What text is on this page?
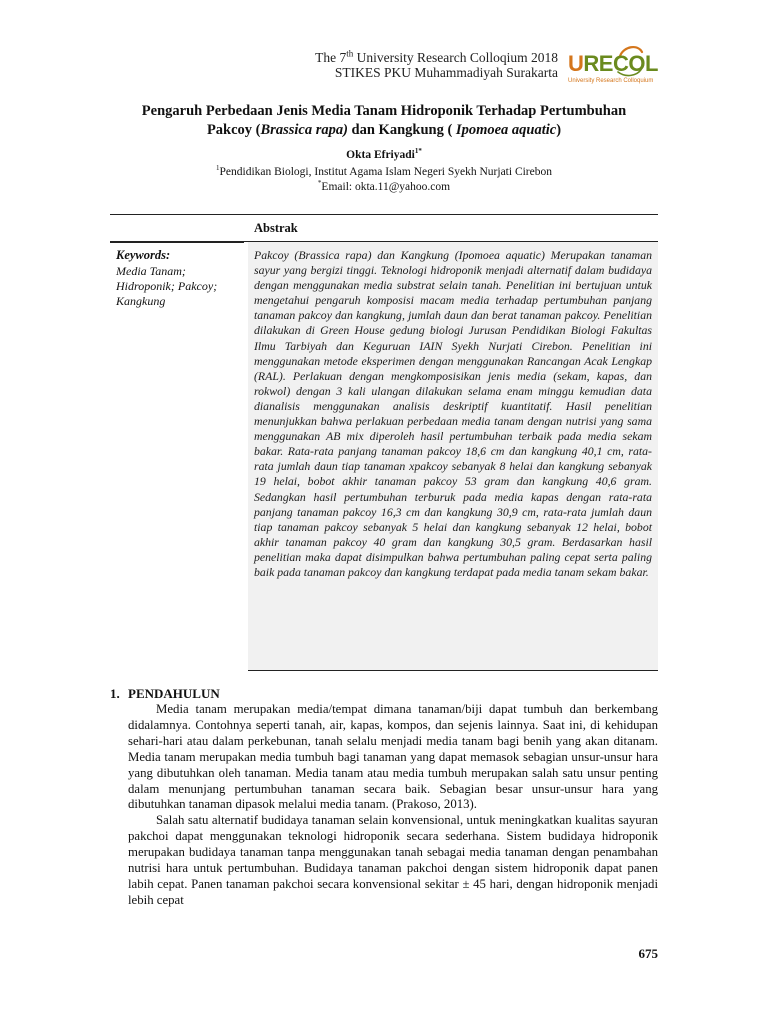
The 7th University Research Colloqium 2018
STIKES PKU Muhammadiyah Surakarta URECOL
University Research Colloquium
Pengaruh Perbedaan Jenis Media Tanam Hidroponik Terhadap Pertumbuhan
Pakcoy (Brassica rapa) dan Kangkung ( Ipomoea aquatic)
Okta Efriyadi$^{1*}$
$^1$Pendidikan Biologi, Institut Agama Islam Negeri Syekh Nurjati Cirebon
*Email: okta.11@yahoo.com
Abstrak
Keywords:
Media Tanam; Hidroponik; Pakcoy; Kangkung
Pakcoy (Brassica rapa) dan Kangkung (Ipomoea aquatic) Merupakan tanaman sayur yang bergizi tinggi. Teknologi hidroponik menjadi alternatif dalam budidaya dengan menggunakan media substrat selain tanah. Penelitian ini bertujuan untuk mengetahui pengaruh komposisi macam media terhadap pertumbuhan panjang tanaman pakcoy dan kangkung, jumlah daun dan berat tanaman pakcoy. Penelitian dilakukan di Green House gedung biologi Jurusan Pendidikan Biologi Fakultas Ilmu Tarbiyah dan Keguruan IAIN Syekh Nurjati Cirebon. Penelitian ini menggunakan metode eksperimen dengan menggunakan Rancangan Acak Lengkap (RAL). Perlakuan dengan mengkomposisikan jenis media (sekam, kapas, dan rokwol) dengan 3 kali ulangan dilakukan selama enam minggu kemudian data dianalisis menggunakan analisis deskriptif kuantitatif. Hasil penelitian menunjukkan bahwa perlakuan perbedaan media tanam dengan nutrisi yang sama menggunakan AB mix diperoleh hasil pertumbuhan terbaik pada media sekam bakar. Rata-rata panjang tanaman pakcoy 18,6 cm dan kangkung 40,1 cm, rata-rata jumlah daun tiap tanaman xpakcoy sebanyak 8 helai dan kangkung sebanyak 19 helai, bobot akhir tanaman pakcoy 53 gram dan kangkung 40,6 gram. Sedangkan hasil pertumbuhan terburuk pada media kapas dengan rata-rata panjang tanaman pakcoy 16,3 cm dan kangkung 30,9 cm, rata-rata jumlah daun tiap tanaman pakcoy sebanyak 5 helai dan kangkung sebanyak 12 helai, bobot akhir tanaman pakcoy 40 gram dan kangkung 30,5 gram. Berdasarkan hasil penelitian maka dapat disimpulkan bahwa pertumbuhan paling cepat serta paling baik pada tanaman pakcoy dan kangkung terdapat pada media tanam sekam bakar.
1. PENDAHULUN

Media tanam merupakan media/tempat dimana tanaman/biji dapat tumbuh dan berkembang didalamnya. Contohnya seperti tanah, air, kapas, kompos, dan sejenis lainnya. Saat ini, di kehidupan sehari-hari atau dalam perkebunan, tanah selalu menjadi media tanam bagi benih yang akan ditanam. Media tanam merupakan media tumbuh bagi tanaman yang dapat memasok sebagian unsur-unsur hara yang dibutuhkan oleh tanaman. Media tanam atau media tumbuh merupakan salah satu unsur penting dalam menunjang pertumbuhan tanaman secara baik. Sebagian besar unsur-unsur hara yang dibutuhkan tanaman dipasok melalui media tanam. (Prakoso, 2013).

Salah satu alternatif budidaya tanaman selain konvensional, untuk meningkatkan kualitas sayuran pakchoi dapat menggunakan teknologi hidroponik secara sederhana. Sistem budidaya hidroponik merupakan budidaya tanaman tanpa menggunakan tanah sebagai media tanaman dengan penambahan nutrisi hara untuk pertumbuhan. Budidaya tanaman pakchoi dengan sistem hidroponik dapat panen labih cepat. Panen tanaman pakchoi secara konvensional sekitar ± 45 hari, dengan hidroponik menjadi lebih cepat

675
